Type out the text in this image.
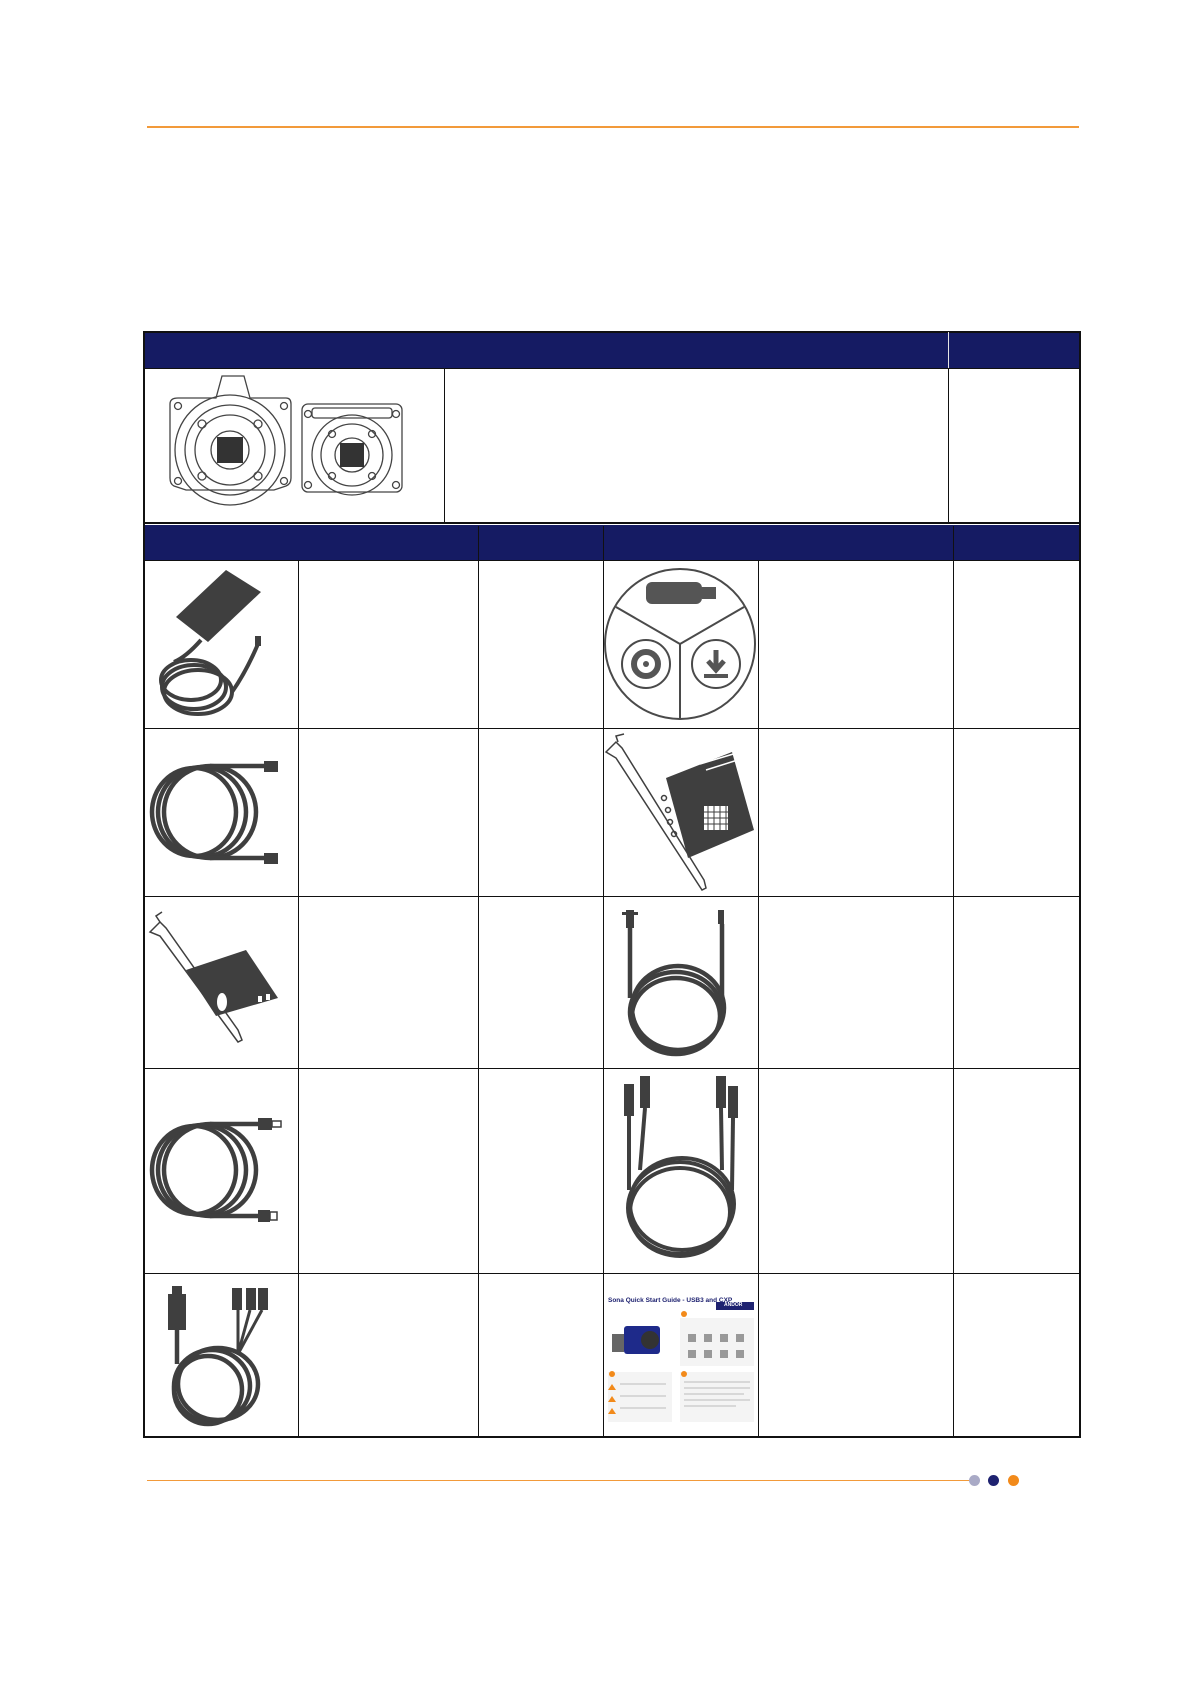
Sona Quick Start Guide - USB3 and CXP
ANDOR
